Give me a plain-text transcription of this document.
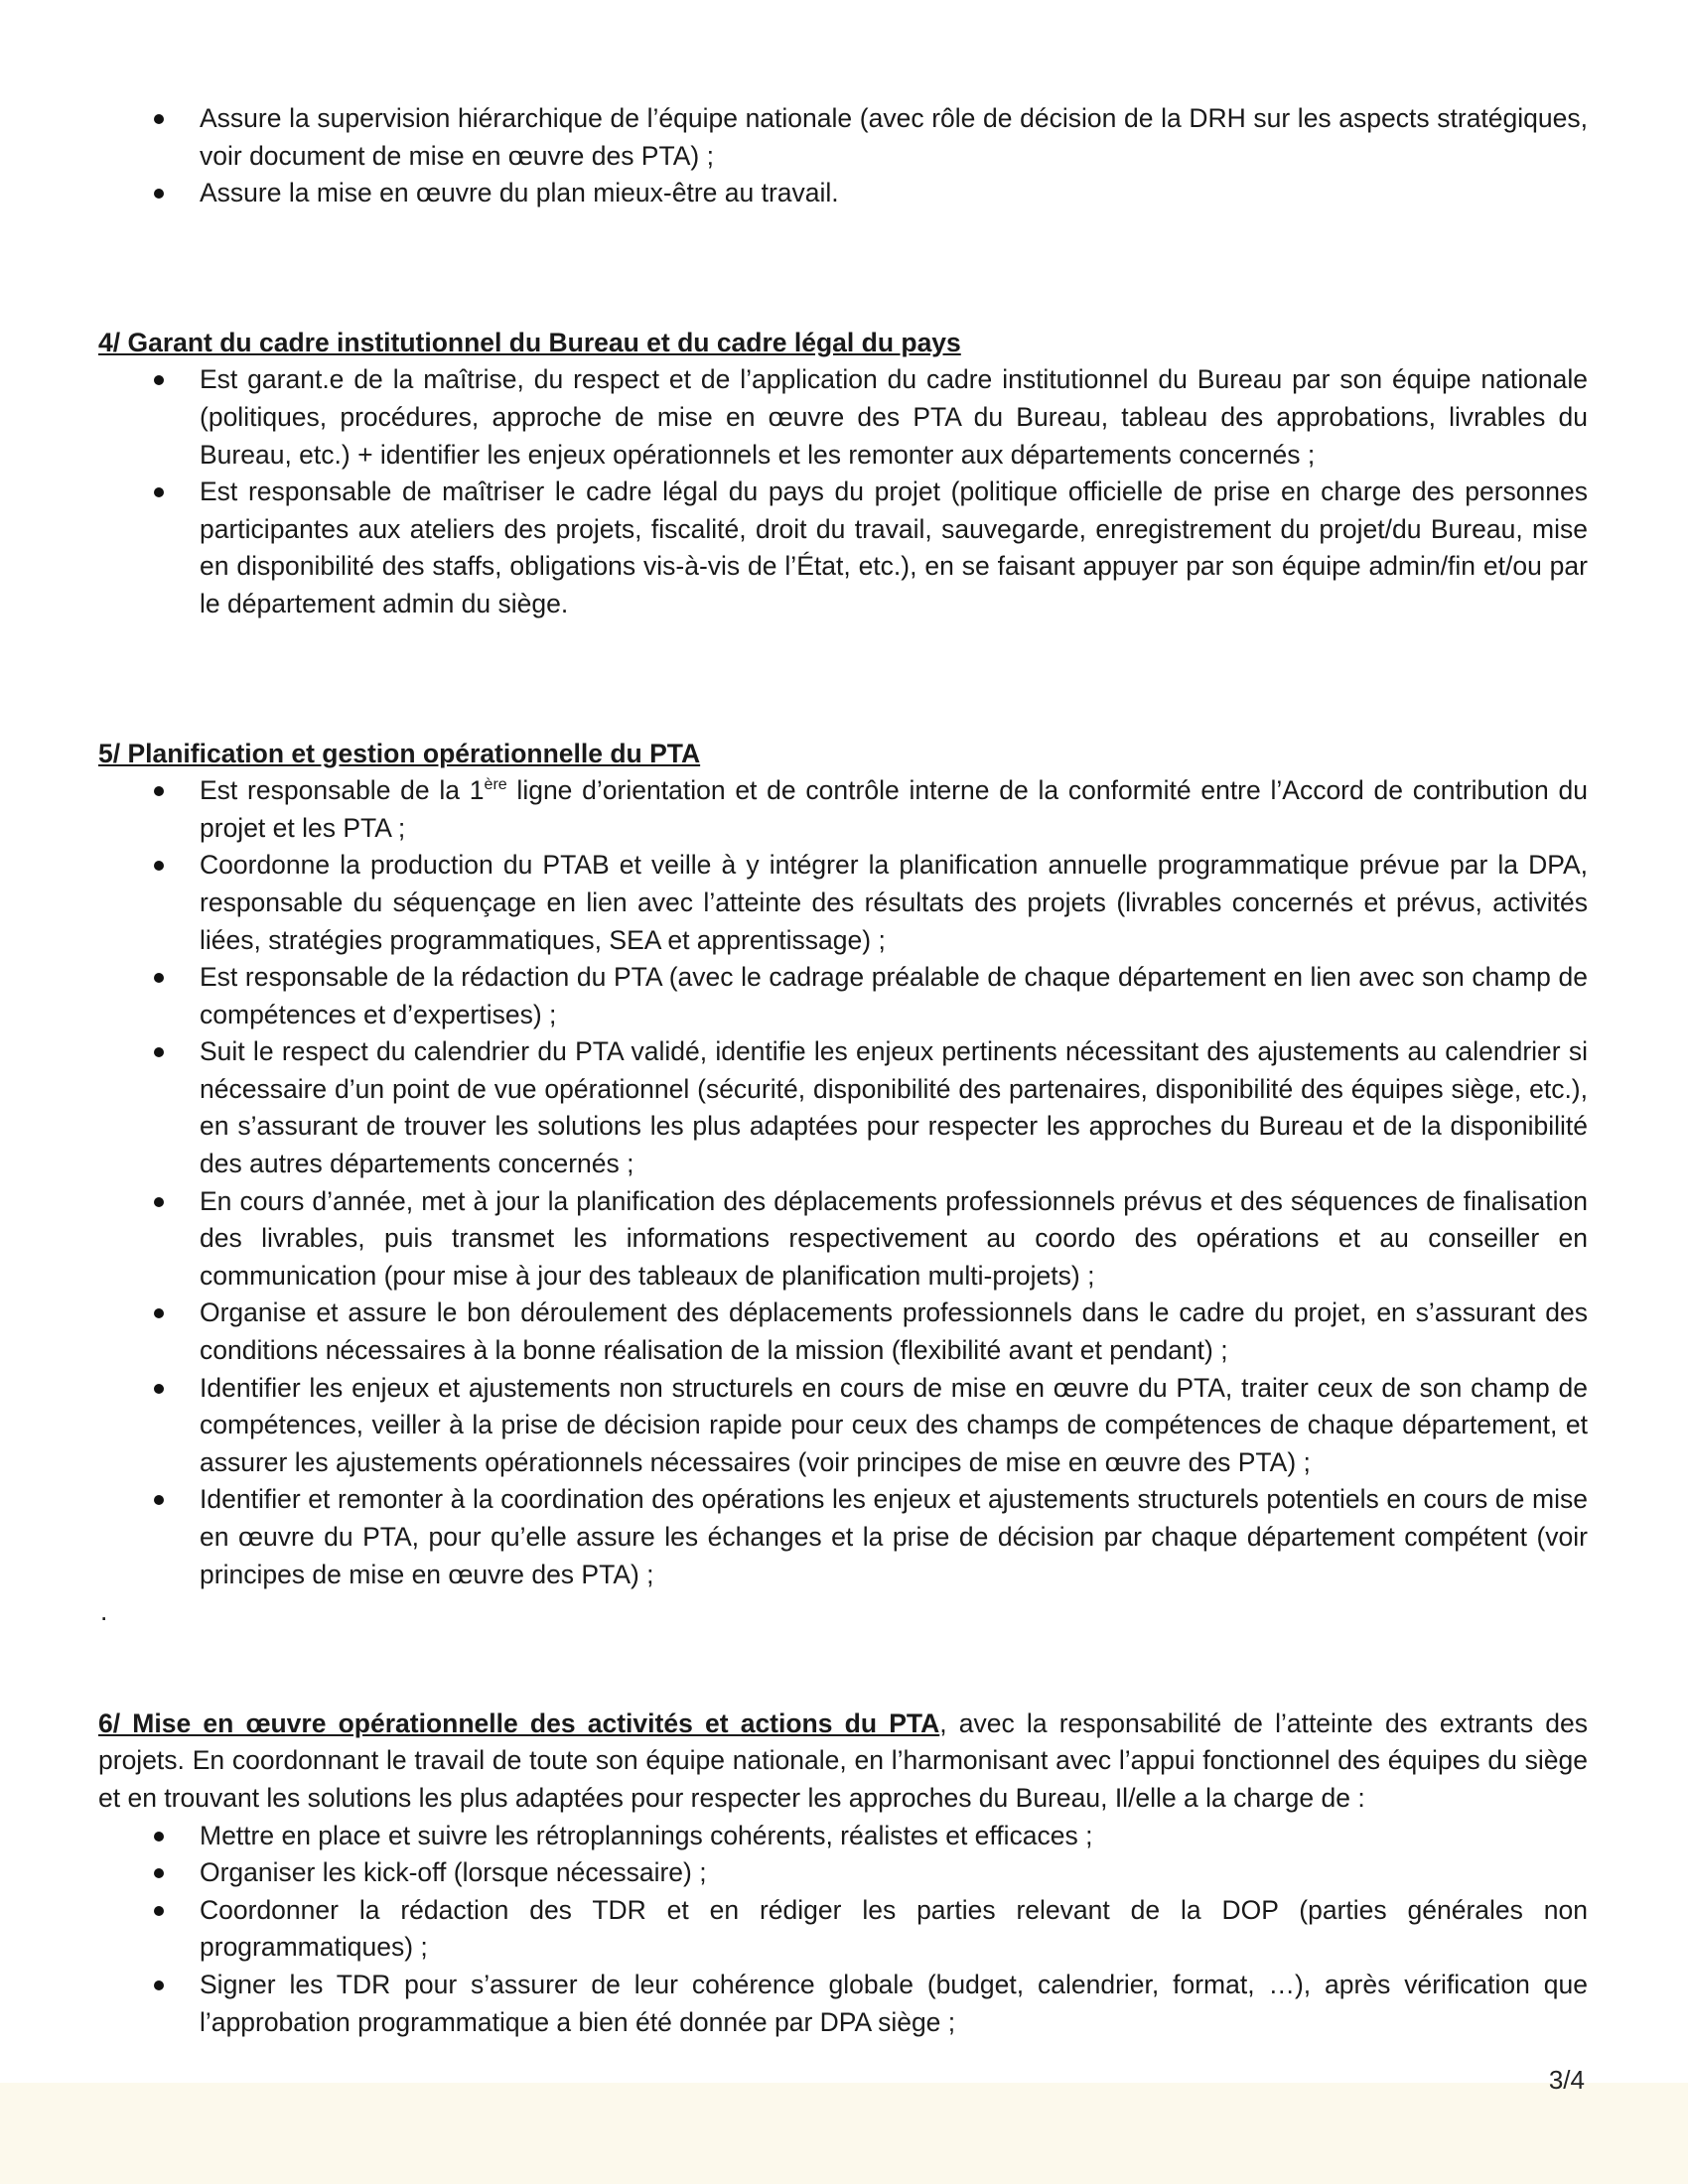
Assure la supervision hiérarchique de l’équipe nationale (avec rôle de décision de la DRH sur les aspects stratégiques, voir document de mise en œuvre des PTA) ;
Assure la mise en œuvre du plan mieux-être au travail.
4/ Garant du cadre institutionnel du Bureau et du cadre légal du pays
Est garant.e de la maîtrise, du respect et de l’application du cadre institutionnel du Bureau par son équipe nationale (politiques, procédures, approche de mise en œuvre des PTA du Bureau, tableau des approbations, livrables du Bureau, etc.) + identifier les enjeux opérationnels et les remonter aux départements concernés ;
Est responsable de maîtriser le cadre légal du pays du projet (politique officielle de prise en charge des personnes participantes aux ateliers des projets, fiscalité, droit du travail, sauvegarde, enregistrement du projet/du Bureau, mise en disponibilité des staffs, obligations vis-à-vis de l’État, etc.), en se faisant appuyer par son équipe admin/fin et/ou par le département admin du siège.
5/ Planification et gestion opérationnelle du PTA
Est responsable de la 1ère ligne d’orientation et de contrôle interne de la conformité entre l’Accord de contribution du projet et les PTA ;
Coordonne la production du PTAB et veille à y intégrer la planification annuelle programmatique prévue par la DPA, responsable du séquençage en lien avec l’atteinte des résultats des projets (livrables concernés et prévus, activités liées, stratégies programmatiques, SEA et apprentissage) ;
Est responsable de la rédaction du PTA (avec le cadrage préalable de chaque département en lien avec son champ de compétences et d’expertises) ;
Suit le respect du calendrier du PTA validé, identifie les enjeux pertinents nécessitant des ajustements au calendrier si nécessaire d’un point de vue opérationnel (sécurité, disponibilité des partenaires, disponibilité des équipes siège, etc.), en s’assurant de trouver les solutions les plus adaptées pour respecter les approches du Bureau et de la disponibilité des autres départements concernés ;
En cours d’année, met à jour la planification des déplacements professionnels prévus et des séquences de finalisation des livrables, puis transmet les informations respectivement au coordo des opérations et au conseiller en communication (pour mise à jour des tableaux de planification multi-projets) ;
Organise et assure le bon déroulement des déplacements professionnels dans le cadre du projet, en s’assurant des conditions nécessaires à la bonne réalisation de la mission (flexibilité avant et pendant) ;
Identifier les enjeux et ajustements non structurels en cours de mise en œuvre du PTA, traiter ceux de son champ de compétences, veiller à la prise de décision rapide pour ceux des champs de compétences de chaque département, et assurer les ajustements opérationnels nécessaires (voir principes de mise en œuvre des PTA) ;
Identifier et remonter à la coordination des opérations les enjeux et ajustements structurels potentiels en cours de mise en œuvre du PTA, pour qu’elle assure les échanges et la prise de décision par chaque département compétent (voir principes de mise en œuvre des PTA) ;
.

6/ Mise en œuvre opérationnelle des activités et actions du PTA, avec la responsabilité de l’atteinte des extrants des projets. En coordonnant le travail de toute son équipe nationale, en l’harmonisant avec l’appui fonctionnel des équipes du siège et en trouvant les solutions les plus adaptées pour respecter les approches du Bureau, Il/elle a la charge de :

Mettre en place et suivre les rétroplannings cohérents, réalistes et efficaces ;
Organiser les kick-off (lorsque nécessaire) ;
Coordonner la rédaction des TDR et en rédiger les parties relevant de la DOP (parties générales non programmatiques) ;
Signer les TDR pour s’assurer de leur cohérence globale (budget, calendrier, format, …), après vérification que l’approbation programmatique a bien été donnée par DPA siège ;
3/4
